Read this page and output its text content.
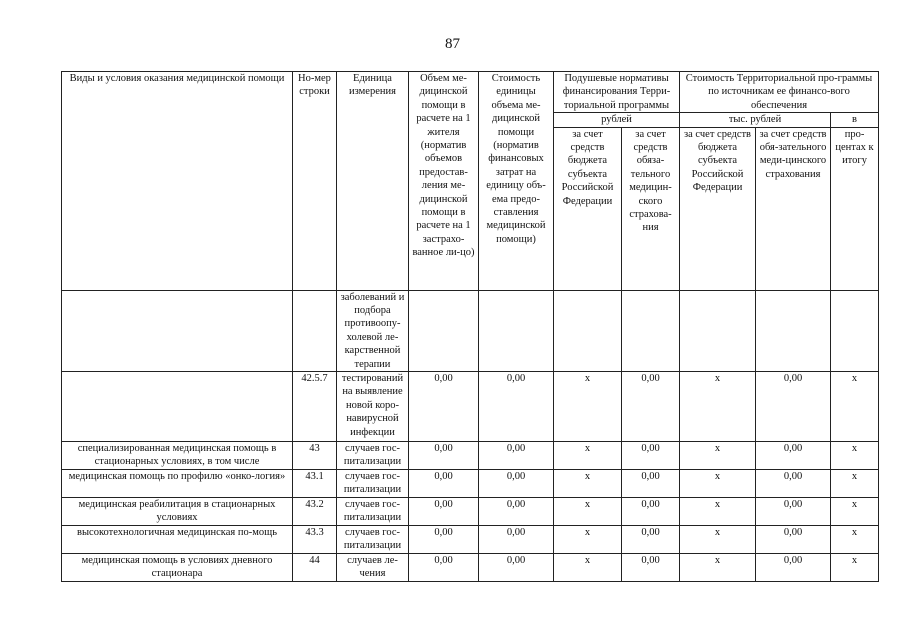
87
Виды и условия оказания медицинской помощи	Но-мер строки	Единица измерения	Объем ме-дицинской помощи в расчете на 1 жителя (норматив объемов предостав-ления ме-дицинской помощи в расчете на 1 застрахо-ванное ли-цо)	Стоимость единицы объема ме-дицинской помощи (норматив финансовых затрат на единицу объ-ема предо-ставления медицинской помощи)	Подушевые нормативы финансирования Терри-ториальной программы		Стоимость Территориальной про-граммы по источникам ее финансо-вого обеспечения		
					рублей		тыс. рублей		в
					за счет средств бюджета субъекта Российской Федерации	за счет средств обяза-тельного медицин-ского страхова-ния	за счет средств бюджета субъекта Российской Федерации	за счет средств обя-зательного меди-цинского страхования	про-центах к итогу
		заболеваний и подбора противоопу-холевой ле-карственной терапии							
	42.5.7	тестирований на выявление новой коро-навирусной инфекции	0,00	0,00	x	0,00	x	0,00	x
специализированная медицинская помощь в стационарных условиях, в том числе	43	случаев гос-питализации	0,00	0,00	x	0,00	x	0,00	x
медицинская помощь по профилю «онко-логия»	43.1	случаев гос-питализации	0,00	0,00	x	0,00	x	0,00	x
медицинская реабилитация в стационарных условиях	43.2	случаев гос-питализации	0,00	0,00	x	0,00	x	0,00	x
высокотехнологичная медицинская по-мощь	43.3	случаев гос-питализации	0,00	0,00	x	0,00	x	0,00	x
медицинская помощь в условиях дневного стационара	44	случаев ле-чения	0,00	0,00	x	0,00	x	0,00	x
